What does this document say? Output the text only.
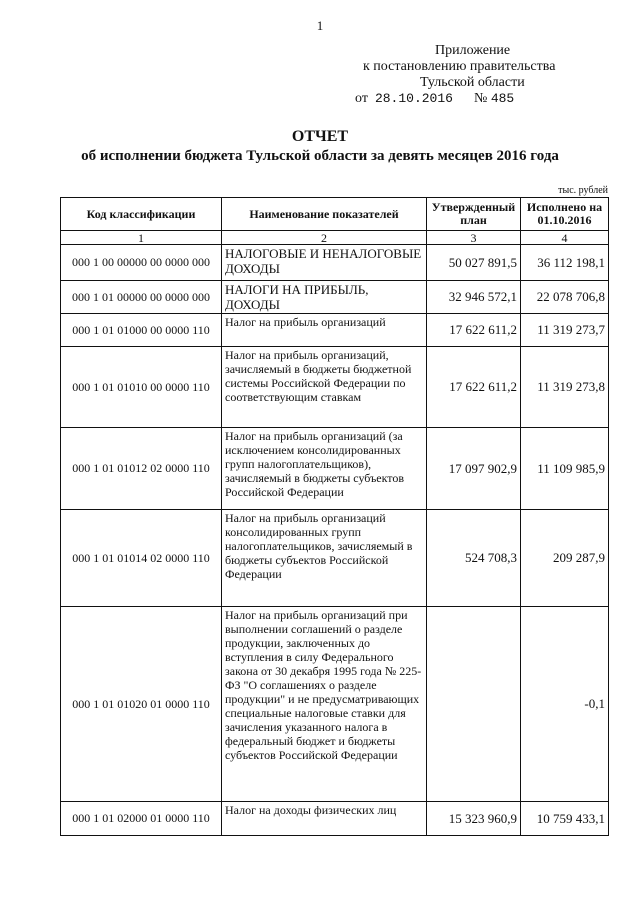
1
Приложение
к постановлению правительства
Тульской области
от 28.10.2016 № 485
ОТЧЕТ
об исполнении бюджета Тульской области за девять месяцев 2016 года
тыс. рублей
Код классификации	Наименование показателей	Утвержденный план	Исполнено на 01.10.2016
1	2	3	4
000 1 00 00000 00 0000 000	НАЛОГОВЫЕ И НЕНАЛОГОВЫЕ ДОХОДЫ	50 027 891,5	36 112 198,1
000 1 01 00000 00 0000 000	НАЛОГИ НА ПРИБЫЛЬ, ДОХОДЫ	32 946 572,1	22 078 706,8
000 1 01 01000 00 0000 110	Налог на прибыль организаций	17 622 611,2	11 319 273,7
000 1 01 01010 00 0000 110	Налог на прибыль организаций, зачисляемый в бюджеты бюджетной системы Российской Федерации по соответствующим ставкам	17 622 611,2	11 319 273,8
000 1 01 01012 02 0000 110	Налог на прибыль организаций (за исключением консолидированных групп налогоплательщиков), зачисляемый в бюджеты субъектов Российской Федерации	17 097 902,9	11 109 985,9
000 1 01 01014 02 0000 110	Налог на прибыль организаций консолидированных групп налогоплательщиков, зачисляемый в бюджеты субъектов Российской Федерации	524 708,3	209 287,9
000 1 01 01020 01 0000 110	Налог на прибыль организаций при выполнении соглашений о разделе продукции, заключенных до вступления в силу Федерального закона от 30 декабря 1995 года № 225-ФЗ "О соглашениях о разделе продукции" и не предусматривающих специальные налоговые ставки для зачисления указанного налога в федеральный бюджет и бюджеты субъектов Российской Федерации		-0,1
000 1 01 02000 01 0000 110	Налог на доходы физических лиц	15 323 960,9	10 759 433,1
